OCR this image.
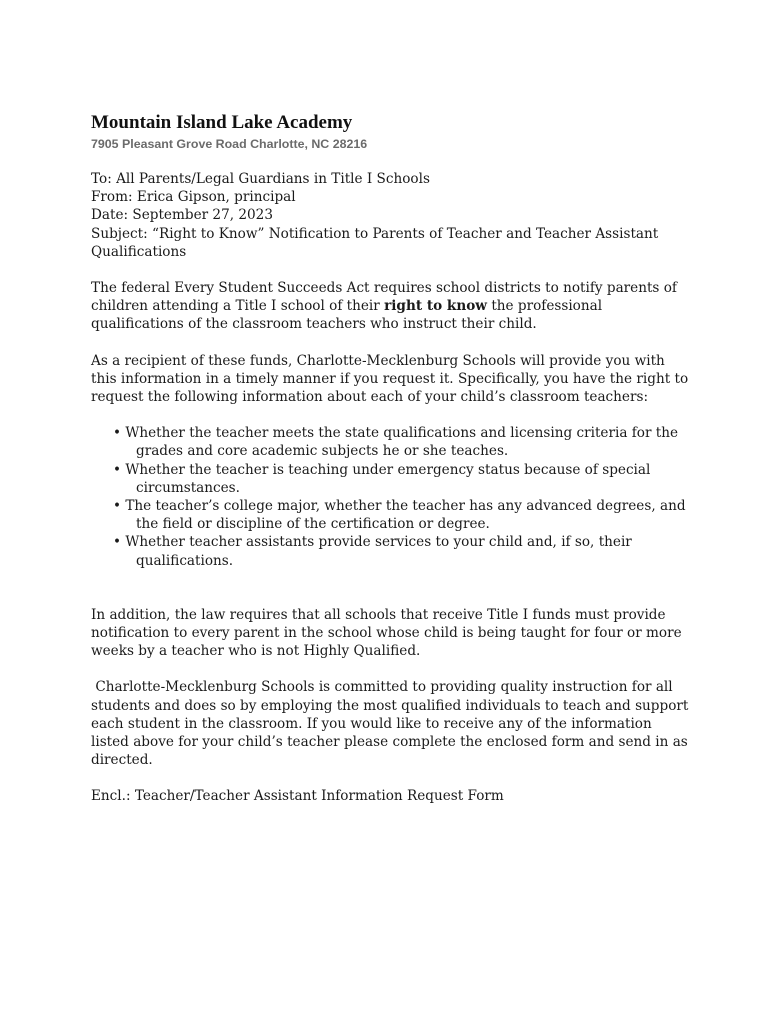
Mountain Island Lake Academy

7905 Pleasant Grove Road Charlotte, NC 28216

To: All Parents/Legal Guardians in Title I Schools
From: Erica Gipson, principal
Date: September 27, 2023
Subject: “Right to Know” Notification to Parents of Teacher and Teacher Assistant Qualifications

The federal Every Student Succeeds Act requires school districts to notify parents of children attending a Title I school of their right to know the professional qualifications of the classroom teachers who instruct their child.

As a recipient of these funds, Charlotte-Mecklenburg Schools will provide you with this information in a timely manner if you request it. Specifically, you have the right to request the following information about each of your child’s classroom teachers:

• Whether the teacher meets the state qualifications and licensing criteria for the grades and core academic subjects he or she teaches.
• Whether the teacher is teaching under emergency status because of special circumstances.
• The teacher’s college major, whether the teacher has any advanced degrees, and the field or discipline of the certification or degree.
• Whether teacher assistants provide services to your child and, if so, their qualifications.

In addition, the law requires that all schools that receive Title I funds must provide notification to every parent in the school whose child is being taught for four or more weeks by a teacher who is not Highly Qualified.

Charlotte-Mecklenburg Schools is committed to providing quality instruction for all students and does so by employing the most qualified individuals to teach and support each student in the classroom. If you would like to receive any of the information listed above for your child’s teacher please complete the enclosed form and send in as directed.

Encl.: Teacher/Teacher Assistant Information Request Form
